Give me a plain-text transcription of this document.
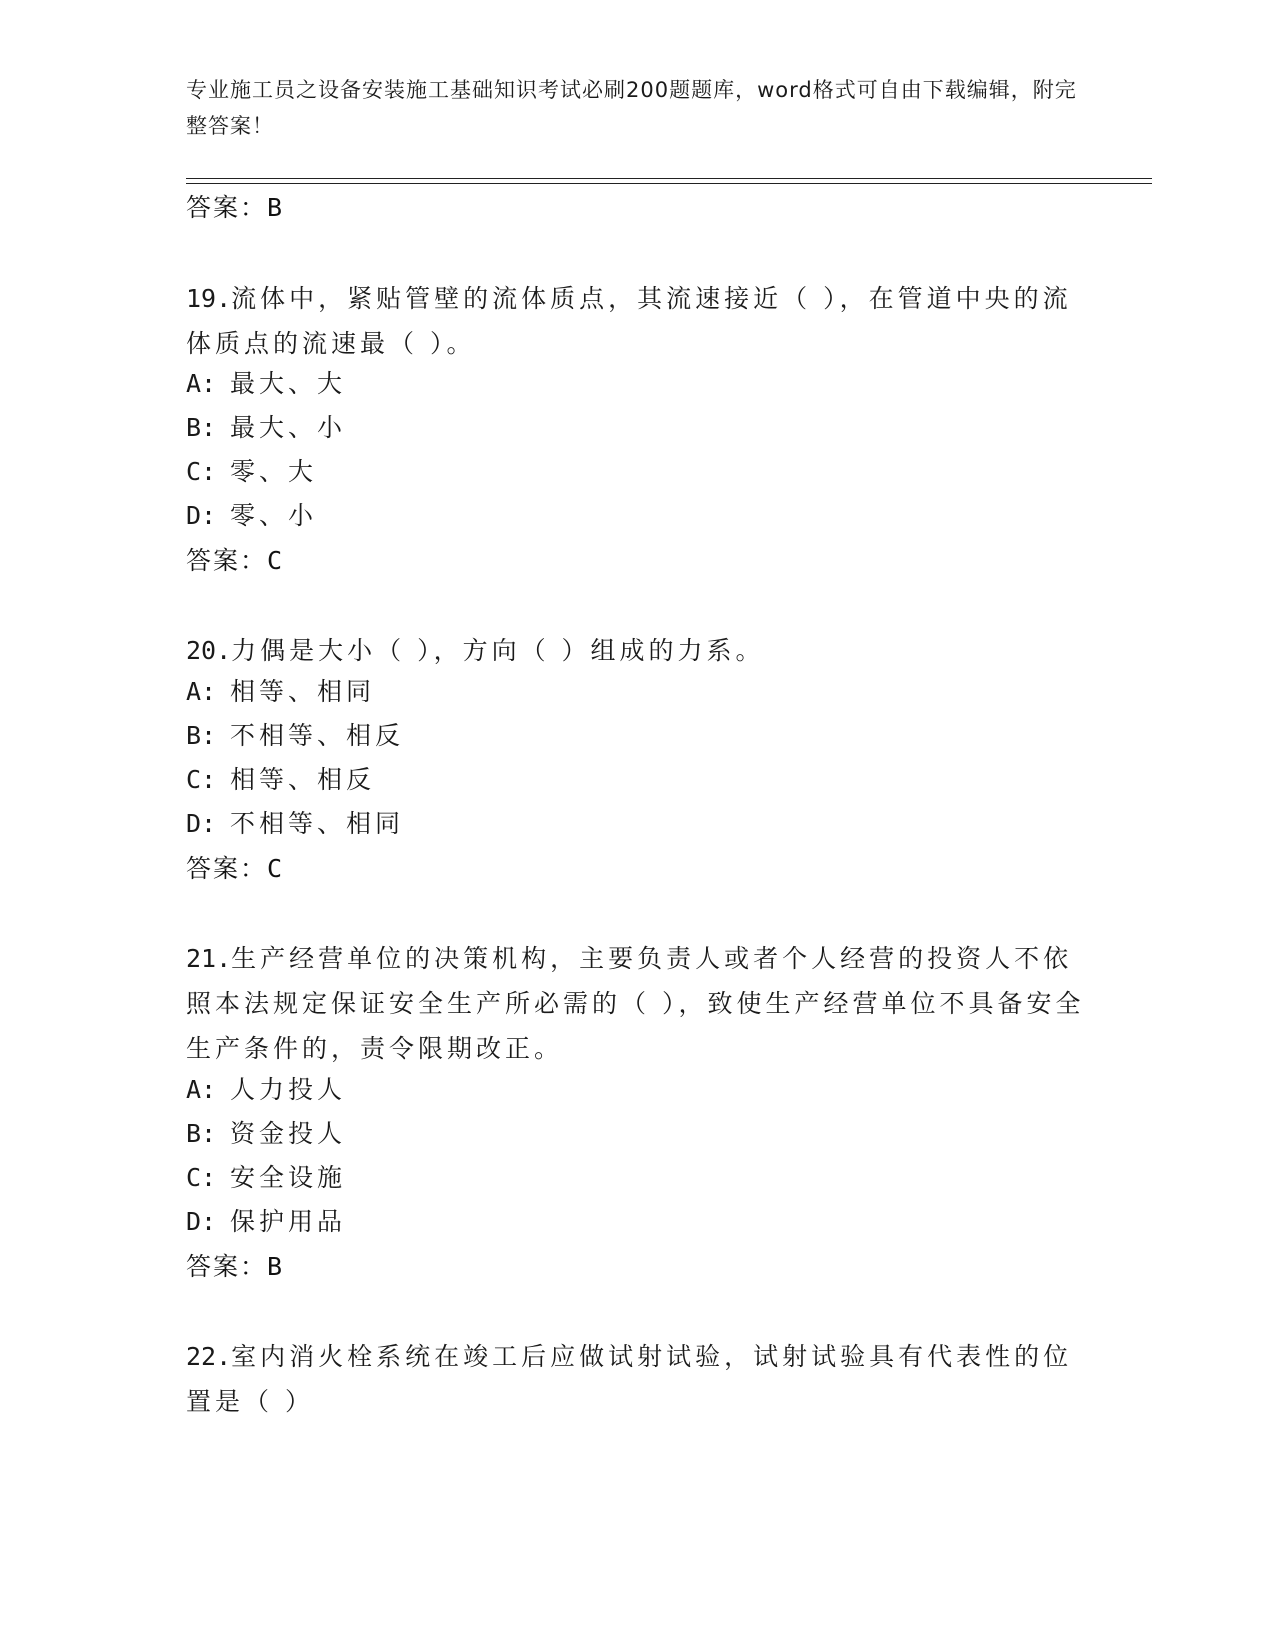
专业施工员之设备安装施工基础知识考试必刷200题题库，word格式可自由下载编辑，附完整答案！
答案：B
19.流体中，紧贴管壁的流体质点，其流速接近（ ），在管道中央的流体质点的流速最（ ）。
A: 最大、大
B: 最大、小
C: 零、大
D: 零、小
答案：C
20.力偶是大小（ ），方向（ ）组成的力系。
A: 相等、相同
B: 不相等、相反
C: 相等、相反
D: 不相等、相同
答案：C
21.生产经营单位的决策机构，主要负责人或者个人经营的投资人不依照本法规定保证安全生产所必需的（ ），致使生产经营单位不具备安全生产条件的，责令限期改正。
A: 人力投人
B: 资金投人
C: 安全设施
D: 保护用品
答案：B
22.室内消火栓系统在竣工后应做试射试验，试射试验具有代表性的位置是（ ）
